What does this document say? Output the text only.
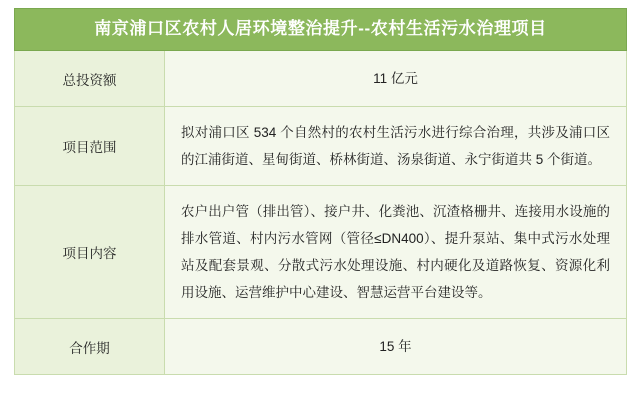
南京浦口区农村人居环境整治提升--农村生活污水治理项目	
总投资额	11 亿元
项目范围	拟对浦口区 534 个自然村的农村生活污水进行综合治理，共涉及浦口区的江浦街道、星甸街道、桥林街道、汤泉街道、永宁街道共 5 个街道。
项目内容	农户出户管（排出管）、接户井、化粪池、沉渣格栅井、连接用水设施的排水管道、村内污水管网（管径≤DN400）、提升泵站、集中式污水处理站及配套景观、分散式污水处理设施、村内硬化及道路恢复、资源化利用设施、运营维护中心建设、智慧运营平台建设等。
合作期	15 年
